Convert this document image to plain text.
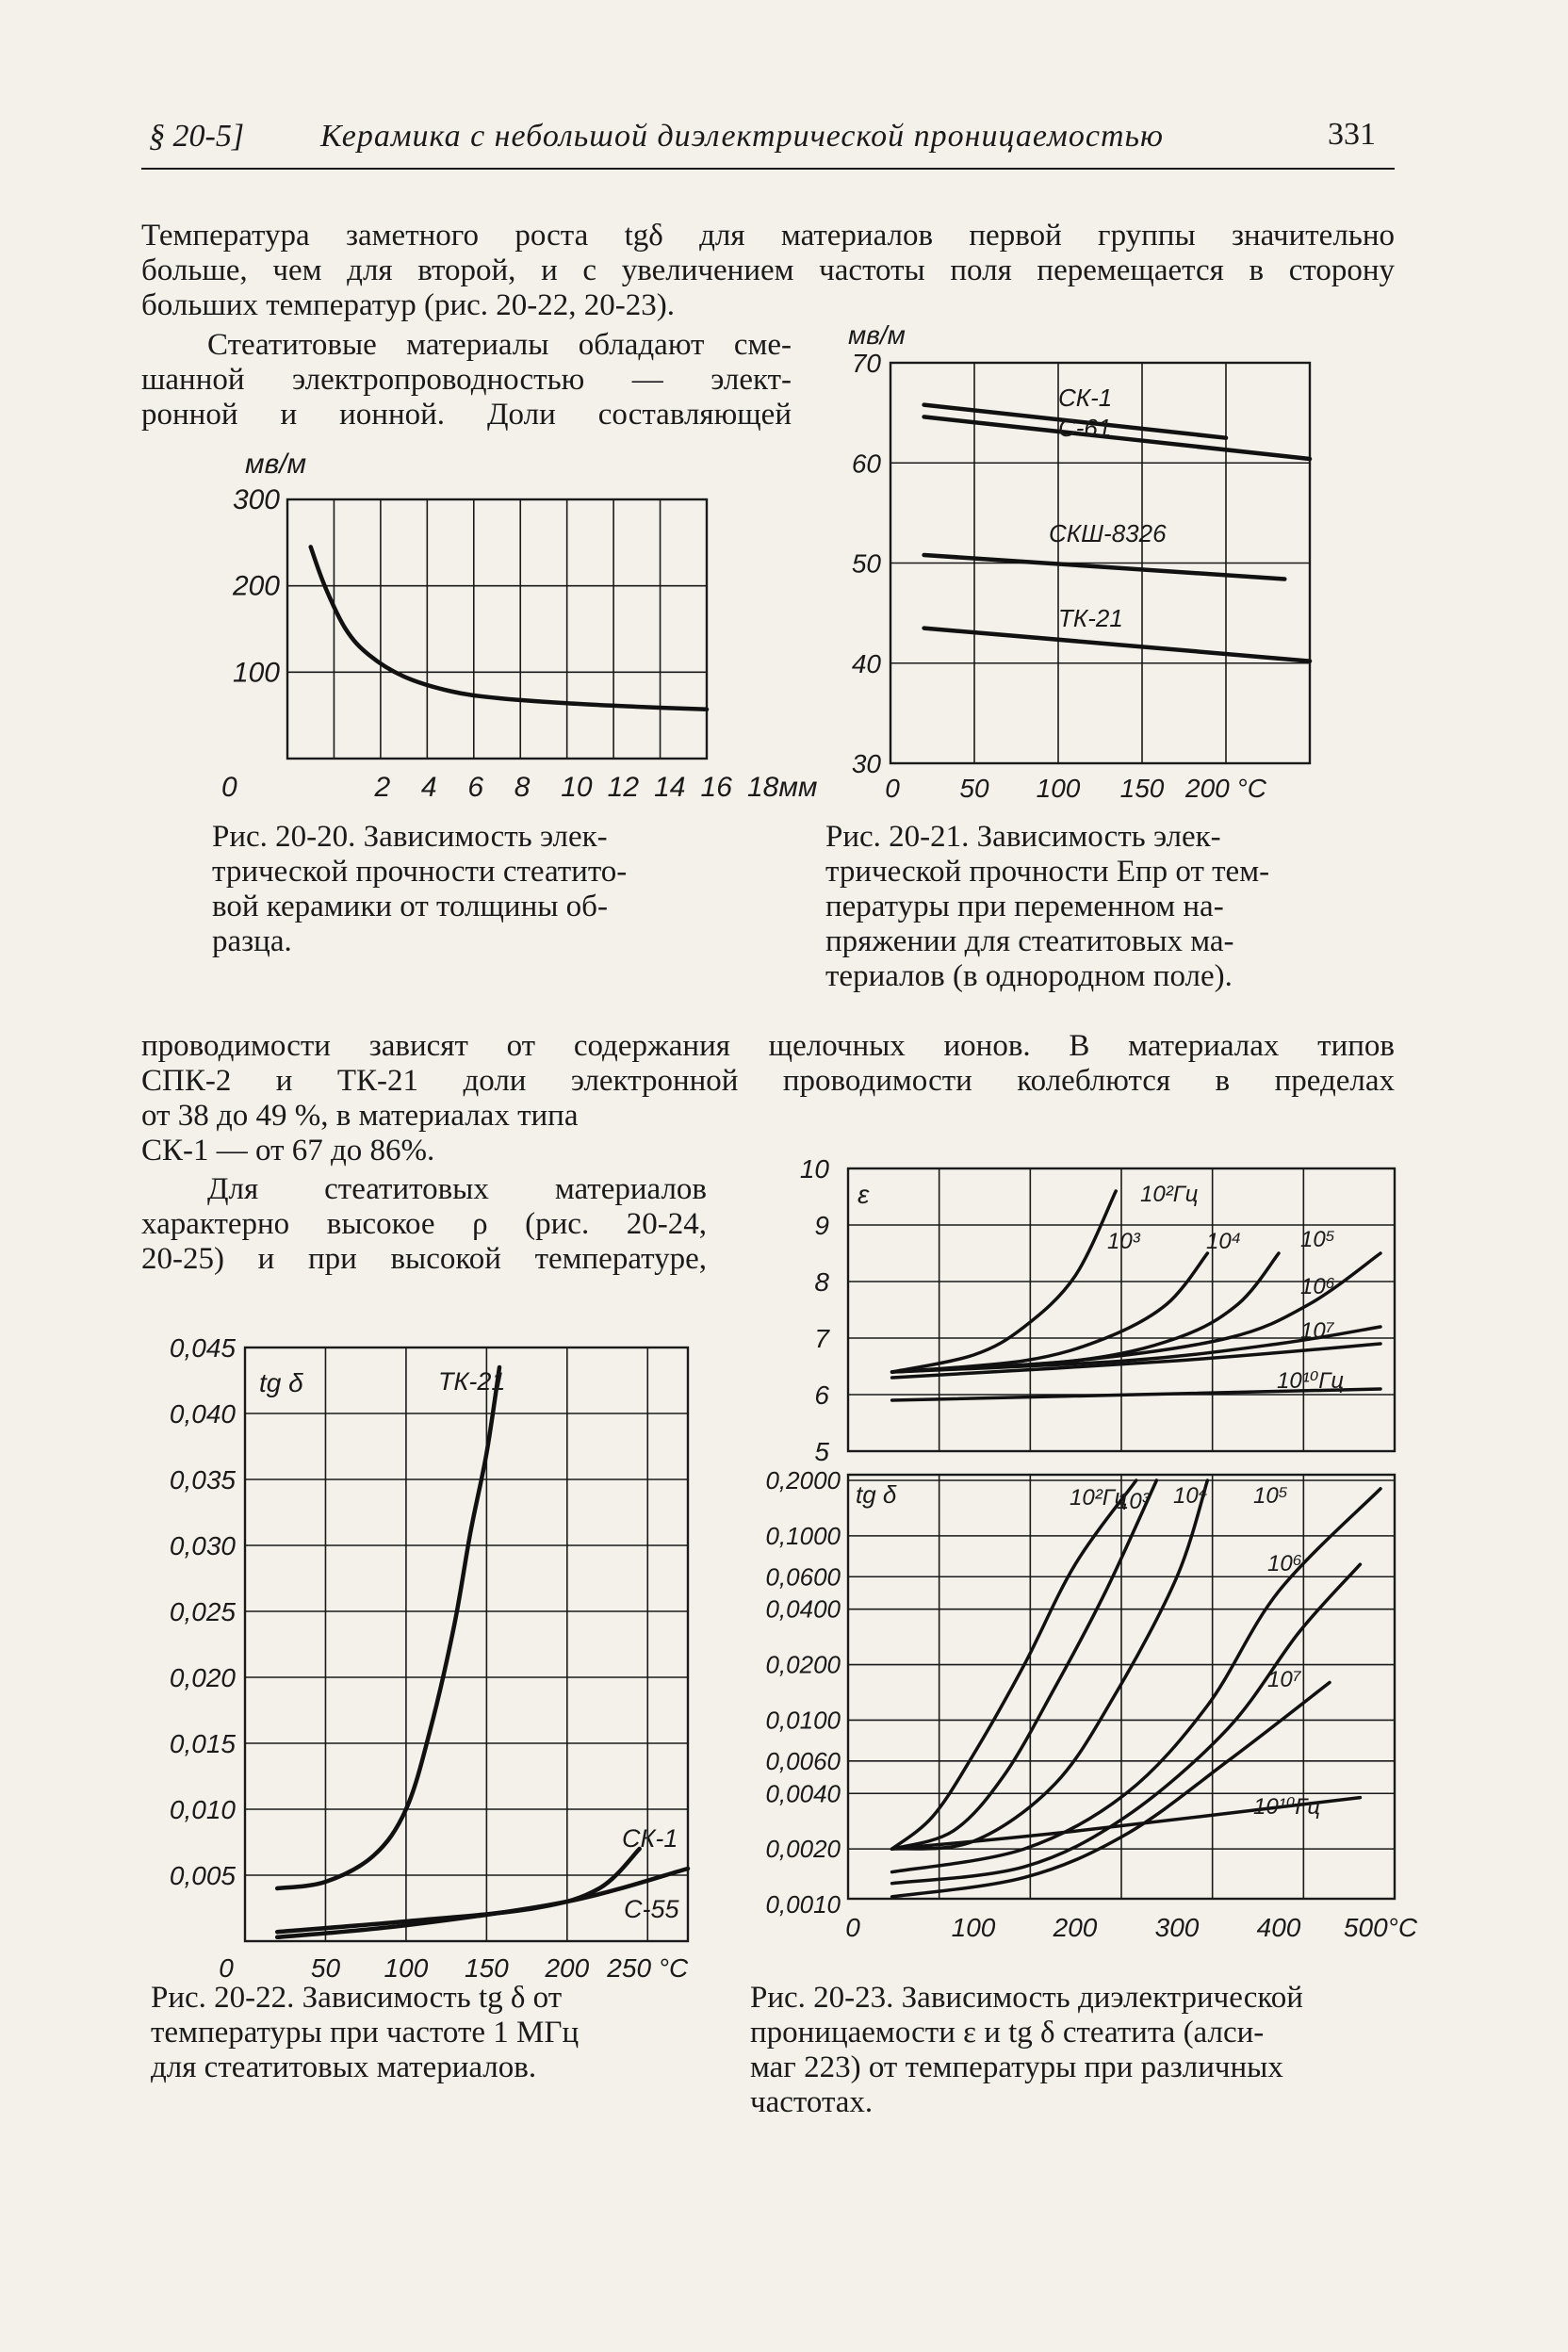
§ 20-5] Керамика с небольшой диэлектрической проницаемостью	331
Температура заметного роста tgδ для материалов первой группы значительно
больше, чем для второй, и с увеличением частоты поля перемещается в сторону
больших температур (рис. 20-22, 20-23).
Стеатитовые материалы обладают сме-
шанной электропроводностью — элект-
ронной и ионной. Доли составляющей
мв/м
300
200
100
0	2 4 6 8 10 12 14 16 18мм
Рис. 20-20. Зависимость элек-
трической прочности стеатито-
вой керамики от толщины об-
разца.
мв/м
СК-1
С-61
СКШ-8326
ТК-21
70
60
50
40
30
0 50 100 150 200 °С
Рис. 20-21. Зависимость элек-
трической прочности Eпр от тем-
пературы при переменном на-
пряжении для стеатитовых ма-
териалов (в однородном поле).
проводимости зависят от содержания щелочных ионов. В материалах типов
СПК-2 и ТК-21 доли электронной проводимости колеблются в пределах
от 38 до 49 %, в материалах типа
СК-1 — от 67 до 86%.
Для стеатитовых материалов
характерно высокое ρ (рис. 20-24,
20-25) и при высокой температуре,
tg δ	ТК-21
СК-1
С-55
0,045
0,040
0,035
0,030
0,025
0,020
0,015
0,010
0,005
0	50 100 150 200 250 °С
Рис. 20-22. Зависимость tg δ от
температуры при частоте 1 МГц
для стеатитовых материалов.
ε	10²Гц
10³	10⁴	10⁵
10⁶
10⁷
10¹⁰Гц
10
9
8
7
6
5
tg δ	10²Гц
10³ 10⁴ 10⁵
10⁶
10⁷
10¹⁰Гц
0,2000
0,1000
0,0600
0,0400
0,0200
0,0100
0,0060
0,0040
0,0020
0,0010
0	100 200 300 400 500°С
Рис. 20-23. Зависимость диэлектрической
проницаемости ε и tg δ стеатита (алси-
маг 223) от температуры при различных
частотах.
